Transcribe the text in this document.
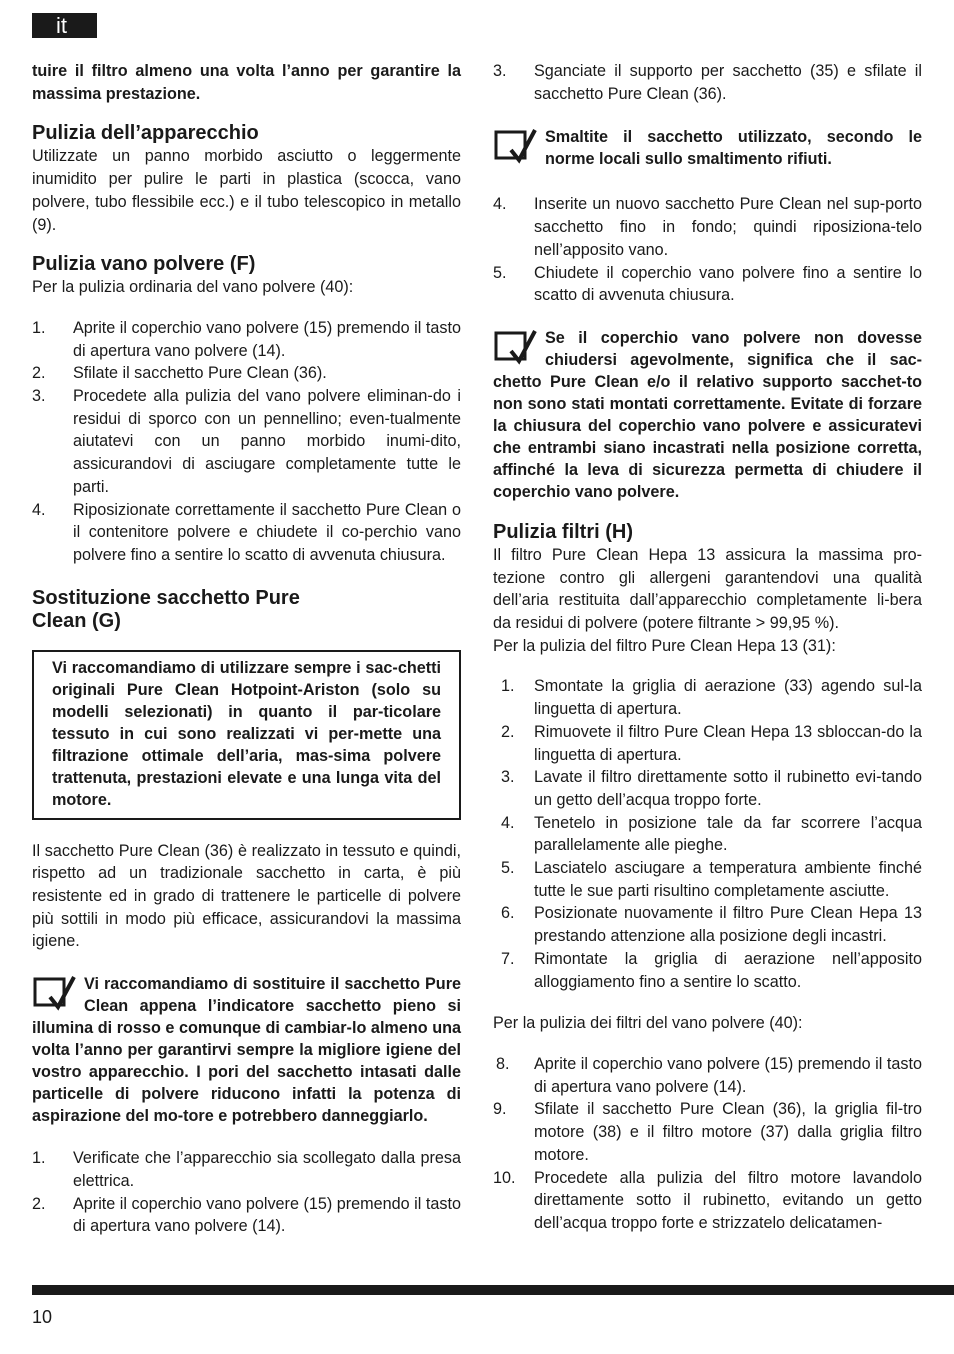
it

tuire il filtro almeno una volta l’anno per garantire la massima prestazione.

Pulizia dell’apparecchio

Utilizzate un panno morbido asciutto o leggermente inumidito per pulire le parti in plastica (scocca, vano polvere, tubo flessibile ecc.) e il tubo telescopico in metallo (9).

Pulizia vano polvere (F)

Per la pulizia ordinaria del vano polvere (40):

1. Aprite il coperchio vano polvere (15) premendo il tasto di apertura vano polvere (14).
2. Sfilate il sacchetto Pure Clean (36).
3. Procedete alla pulizia del vano polvere eliminan-do i residui di sporco con un pennellino; even-tualmente aiutatevi con un panno morbido inumi-dito, assicurandovi di asciugare completamente tutte le parti.
4. Riposizionate correttamente il sacchetto Pure Clean o il contenitore polvere e chiudete il co-perchio vano polvere fino a sentire lo scatto di avvenuta chiusura.
Sostituzione sacchetto Pure
Clean (G)
Vi raccomandiamo di utilizzare sempre i sac-chetti originali Pure Clean Hotpoint-Ariston (solo su modelli selezionati) in quanto il par-ticolare tessuto in cui sono realizzati vi per-mette una filtrazione ottimale dell’aria, mas-sima polvere trattenuta, prestazioni elevate e una lunga vita del motore.

Il sacchetto Pure Clean (36) è realizzato in tessuto e quindi, rispetto ad un tradizionale sacchetto in carta, è più resistente ed in grado di trattenere le particelle di polvere più sottili in modo più efficace, assicurandovi la massima igiene.

Vi raccomandiamo di sostituire il sacchetto Pure Clean appena l’indicatore sacchetto pieno si illumina di rosso e comunque di cambiar-lo almeno una volta l’anno per garantirvi sempre la migliore igiene del vostro apparecchio. I pori del sacchetto intasati dalle particelle di polvere riducono infatti la potenza di aspirazione del mo-tore e potrebbero danneggiarlo.
1. Verificate che l’apparecchio sia scollegato dalla presa elettrica.
2. Aprite il coperchio vano polvere (15) premendo il tasto di apertura vano polvere (14).
3. Sganciate il supporto per sacchetto (35) e sfilate il sacchetto Pure Clean (36).
Smaltite il sacchetto utilizzato, secondo le norme locali sullo smaltimento rifiuti.
4. Inserite un nuovo sacchetto Pure Clean nel sup-porto sacchetto fino in fondo; quindi riposiziona-telo nell’apposito vano.
5. Chiudete il coperchio vano polvere fino a sentire lo scatto di avvenuta chiusura.
Se il coperchio vano polvere non dovesse chiudersi agevolmente, significa che il sac-chetto Pure Clean e/o il relativo supporto sacchet-to non sono stati montati correttamente. Evitate di forzare la chiusura del coperchio vano polvere e assicuratevi che entrambi siano incastrati nella posizione corretta, affinché la leva di sicurezza permetta di chiudere il coperchio vano polvere.
Pulizia filtri (H)

Il filtro Pure Clean Hepa 13 assicura la massima pro-tezione contro gli allergeni garantendovi una qualità dell’aria restituita dall’apparecchio completamente li-bera da residui di polvere (potere filtrante > 99,95 %).

Per la pulizia del filtro Pure Clean Hepa 13 (31):

1. Smontate la griglia di aerazione (33) agendo sul-la linguetta di apertura.
2. Rimuovete il filtro Pure Clean Hepa 13 sbloccan-do la linguetta di apertura.
3. Lavate il filtro direttamente sotto il rubinetto evi-tando un getto dell’acqua troppo forte.
4. Tenetelo in posizione tale da far scorrere l’acqua parallelamente alle pieghe.
5. Lasciatelo asciugare a temperatura ambiente finché tutte le sue parti risultino completamente asciutte.
6. Posizionate nuovamente il filtro Pure Clean Hepa 13 prestando attenzione alla posizione degli incastri.
7. Rimontate la griglia di aerazione nell’apposito alloggiamento fino a sentire lo scatto.

Per la pulizia dei filtri del vano polvere (40):

8. Aprite il coperchio vano polvere (15) premendo il tasto di apertura vano polvere (14).
9. Sfilate il sacchetto Pure Clean (36), la griglia fil-tro motore (38) e il filtro motore (37) dalla griglia filtro motore.
10. Procedete alla pulizia del filtro motore lavandolo direttamente sotto il rubinetto, evitando un getto dell’acqua troppo forte e strizzatelo delicatamen-
10
